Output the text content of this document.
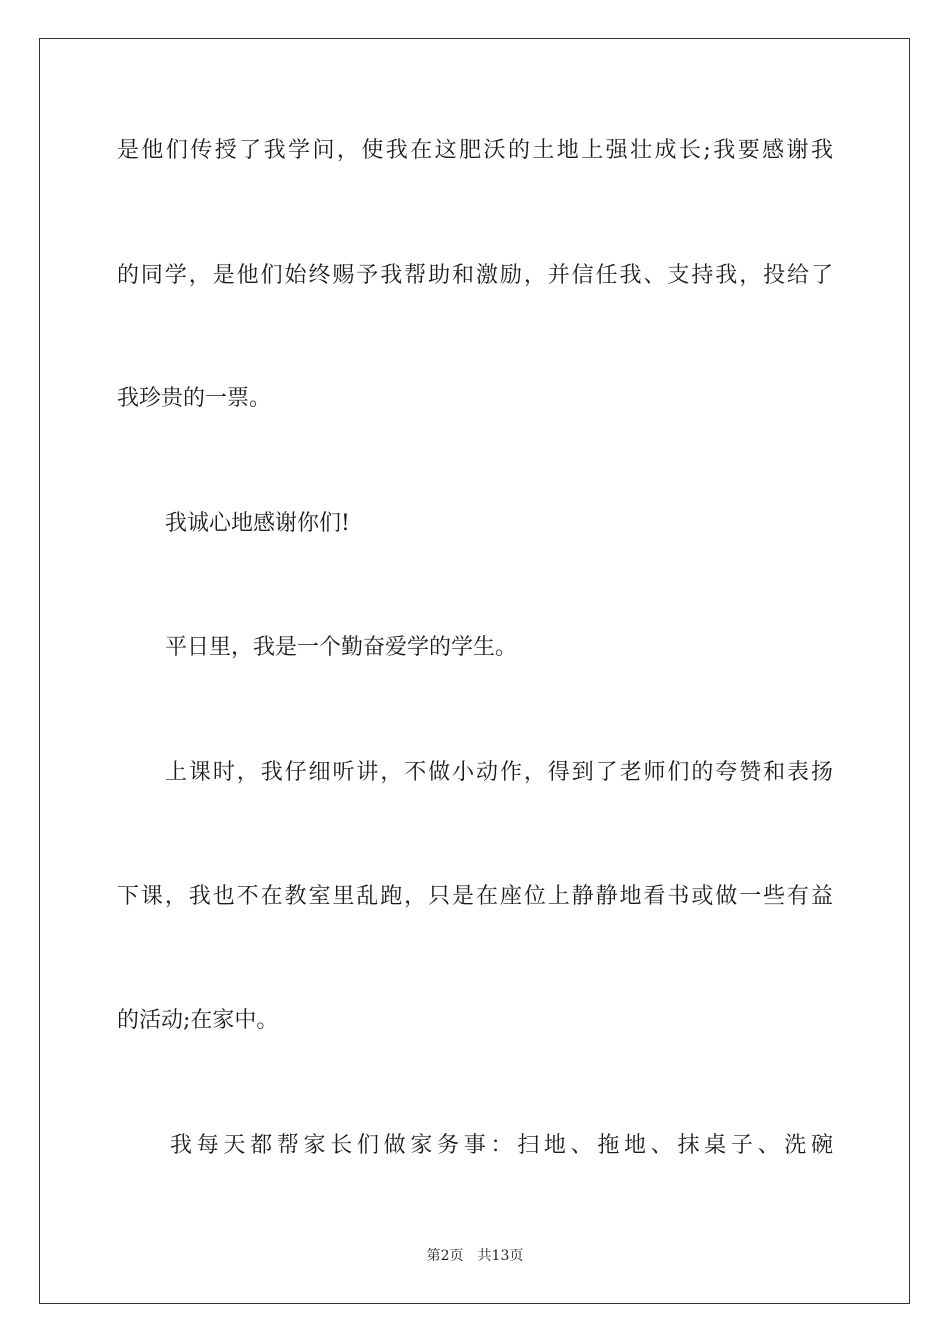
是他们传授了我学问，使我在这肥沃的土地上强壮成长;我要感谢我
的同学，是他们始终赐予我帮助和激励，并信任我、支持我，投给了
我珍贵的一票。
我诚心地感谢你们!
平日里，我是一个勤奋爱学的学生。
上课时，我仔细听讲，不做小动作，得到了老师们的夸赞和表扬
下课，我也不在教室里乱跑，只是在座位上静静地看书或做一些有益
的活动;在家中。
我每天都帮家长们做家务事：扫地、拖地、抹桌子、洗碗
第2页 共13页
